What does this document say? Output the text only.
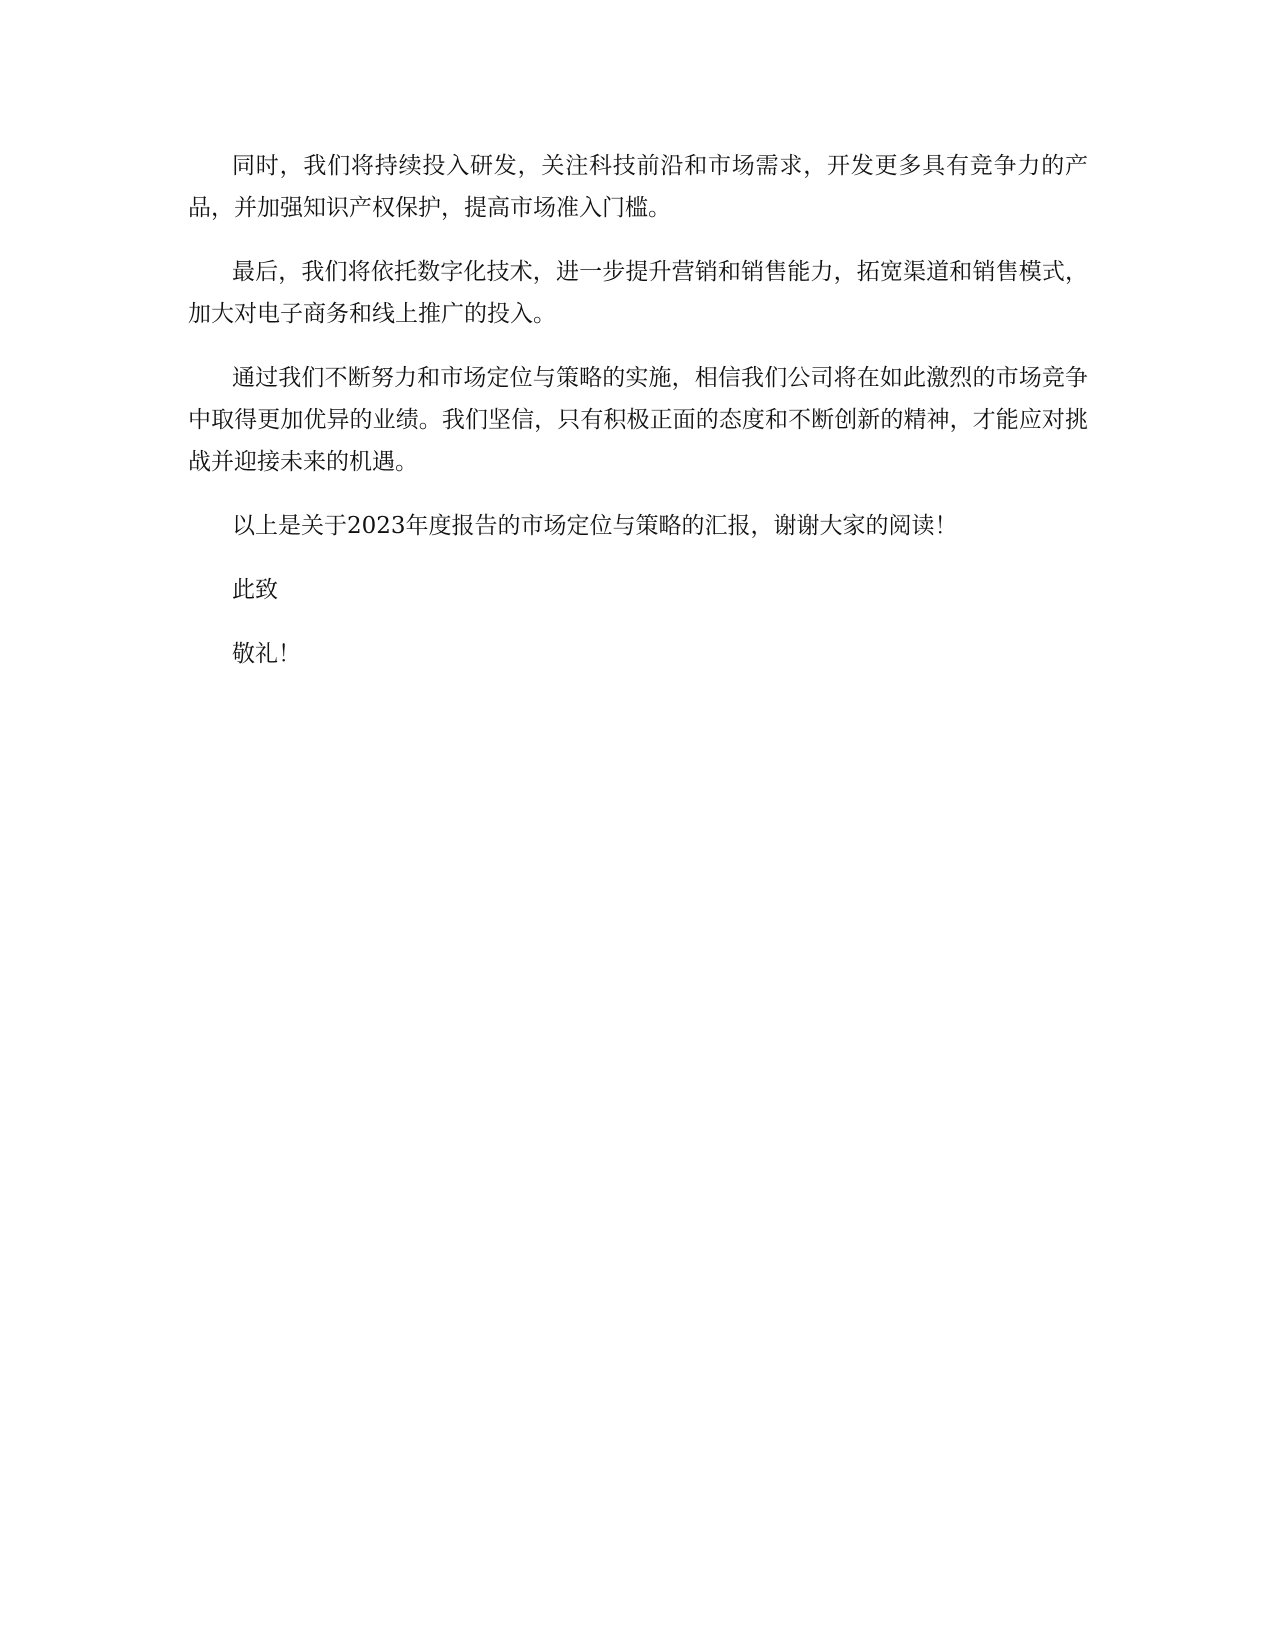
同时，我们将持续投入研发，关注科技前沿和市场需求，开发更多具有竞争力的产品，并加强知识产权保护，提高市场准入门槛。

最后，我们将依托数字化技术，进一步提升营销和销售能力，拓宽渠道和销售模式，加大对电子商务和线上推广的投入。

通过我们不断努力和市场定位与策略的实施，相信我们公司将在如此激烈的市场竞争中取得更加优异的业绩。我们坚信，只有积极正面的态度和不断创新的精神，才能应对挑战并迎接未来的机遇。

以上是关于2023年度报告的市场定位与策略的汇报，谢谢大家的阅读！

此致

敬礼！
